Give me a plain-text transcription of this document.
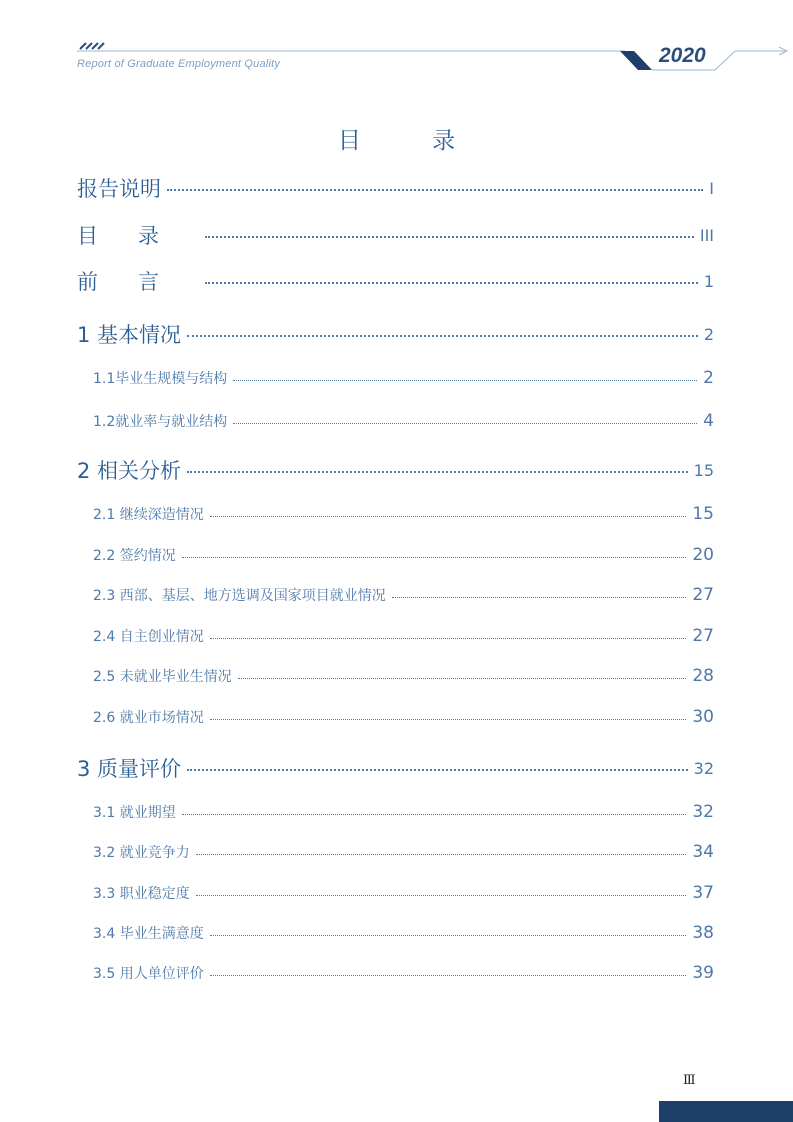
Report of Graduate Employment Quality	2020
目 录
报告说明	I
目录	III
前言	1
1 基本情况	2
1.1毕业生规模与结构	2
1.2就业率与就业结构	4
2 相关分析	15
2.1 继续深造情况	15
2.2 签约情况	20
2.3 西部、基层、地方选调及国家项目就业情况	27
2.4 自主创业情况	27
2.5 未就业毕业生情况	28
2.6 就业市场情况	30
3 质量评价	32
3.1 就业期望	32
3.2 就业竞争力	34
3.3 职业稳定度	37
3.4 毕业生满意度	38
3.5 用人单位评价	39
Ⅲ
